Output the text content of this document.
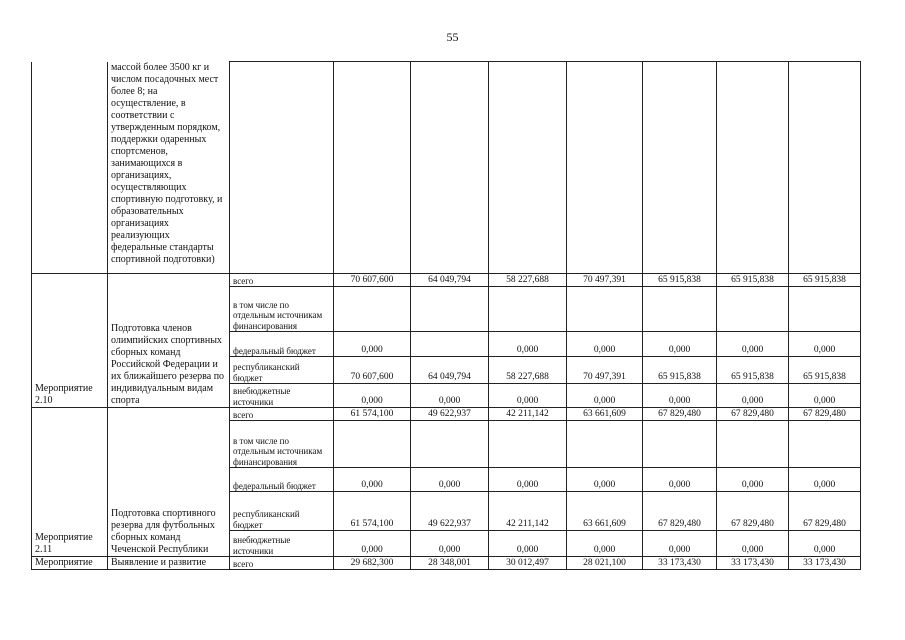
55
	массой более 3500 кг и числом посадочных мест более 8; на осуществление, в соответствии с утвержденным порядком, поддержки одаренных спортсменов, занимающихся в организациях, осуществляющих спортивную подготовку, и образовательных организациях реализующих федеральные стандарты спортивной подготовки)								
Мероприятие 2.10	Подготовка членов олимпийских спортивных сборных команд Российской Федерации и их ближайшего резерва по индивидуальным видам спорта	всего	70 607,600	64 049,794	58 227,688	70 497,391	65 915,838	65 915,838	65 915,838
		в том числе по отдельным источникам финансирования							
		федеральный бюджет	0,000		0,000	0,000	0,000	0,000	0,000
		республиканский бюджет	70 607,600	64 049,794	58 227,688	70 497,391	65 915,838	65 915,838	65 915,838
		внебюджетные источники	0,000	0,000	0,000	0,000	0,000	0,000	0,000
Мероприятие 2.11	Подготовка спортивного резерва для футбольных сборных команд Чеченской Республики	всего	61 574,100	49 622,937	42 211,142	63 661,609	67 829,480	67 829,480	67 829,480
		в том числе по отдельным источникам финансирования							
		федеральный бюджет	0,000	0,000	0,000	0,000	0,000	0,000	0,000
		республиканский бюджет	61 574,100	49 622,937	42 211,142	63 661,609	67 829,480	67 829,480	67 829,480
		внебюджетные источники	0,000	0,000	0,000	0,000	0,000	0,000	0,000
Мероприятие	Выявление и развитие	всего	29 682,300	28 348,001	30 012,497	28 021,100	33 173,430	33 173,430	33 173,430
